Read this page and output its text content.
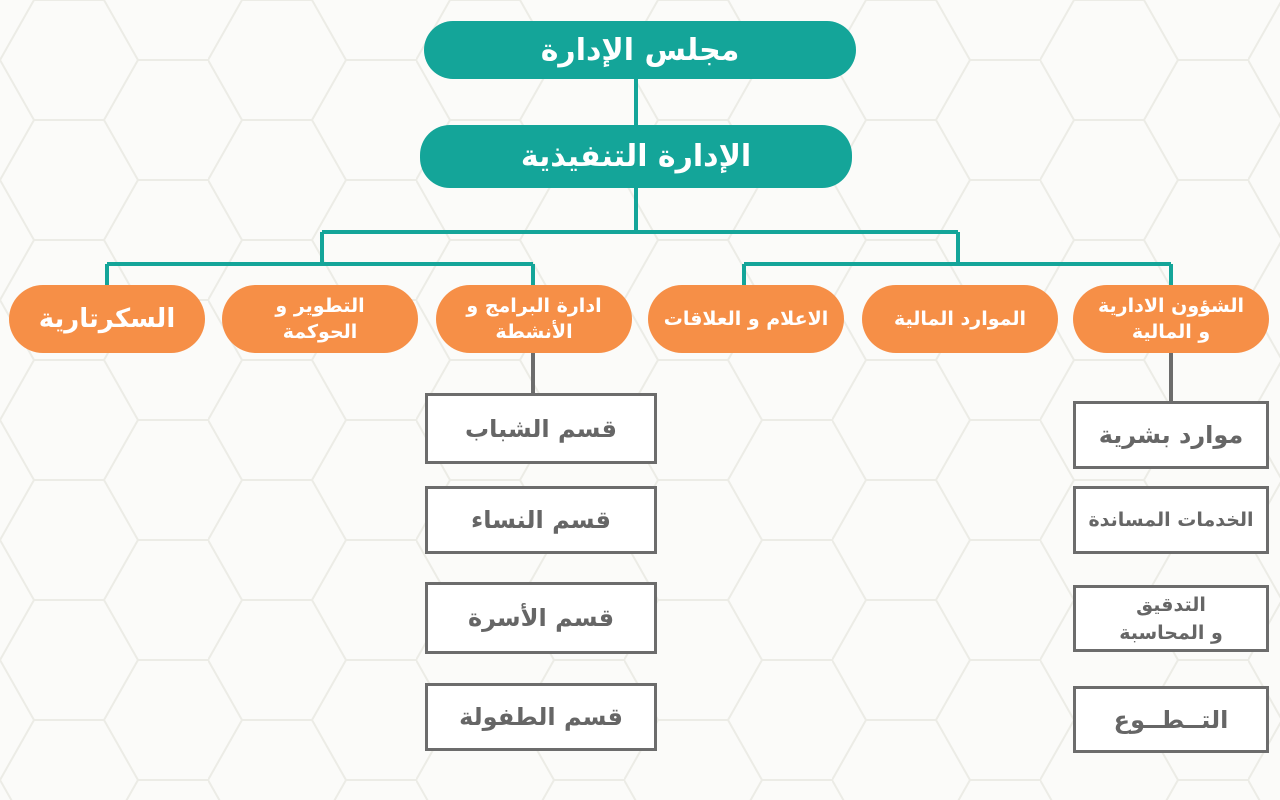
مجلس الإدارة
الإدارة التنفيذية
السكرتارية	التطوير و
الحوكمة
ادارة البرامج و
الأنشطة
الاعلام و العلاقات	الموارد المالية
الشؤون الادارية
و المالية
قسم الشباب
قسم النساء
قسم الأسرة
قسم الطفولة
موارد بشرية
الخدمات المساندة
التدقيق
و المحاسبة
التــطــوع
